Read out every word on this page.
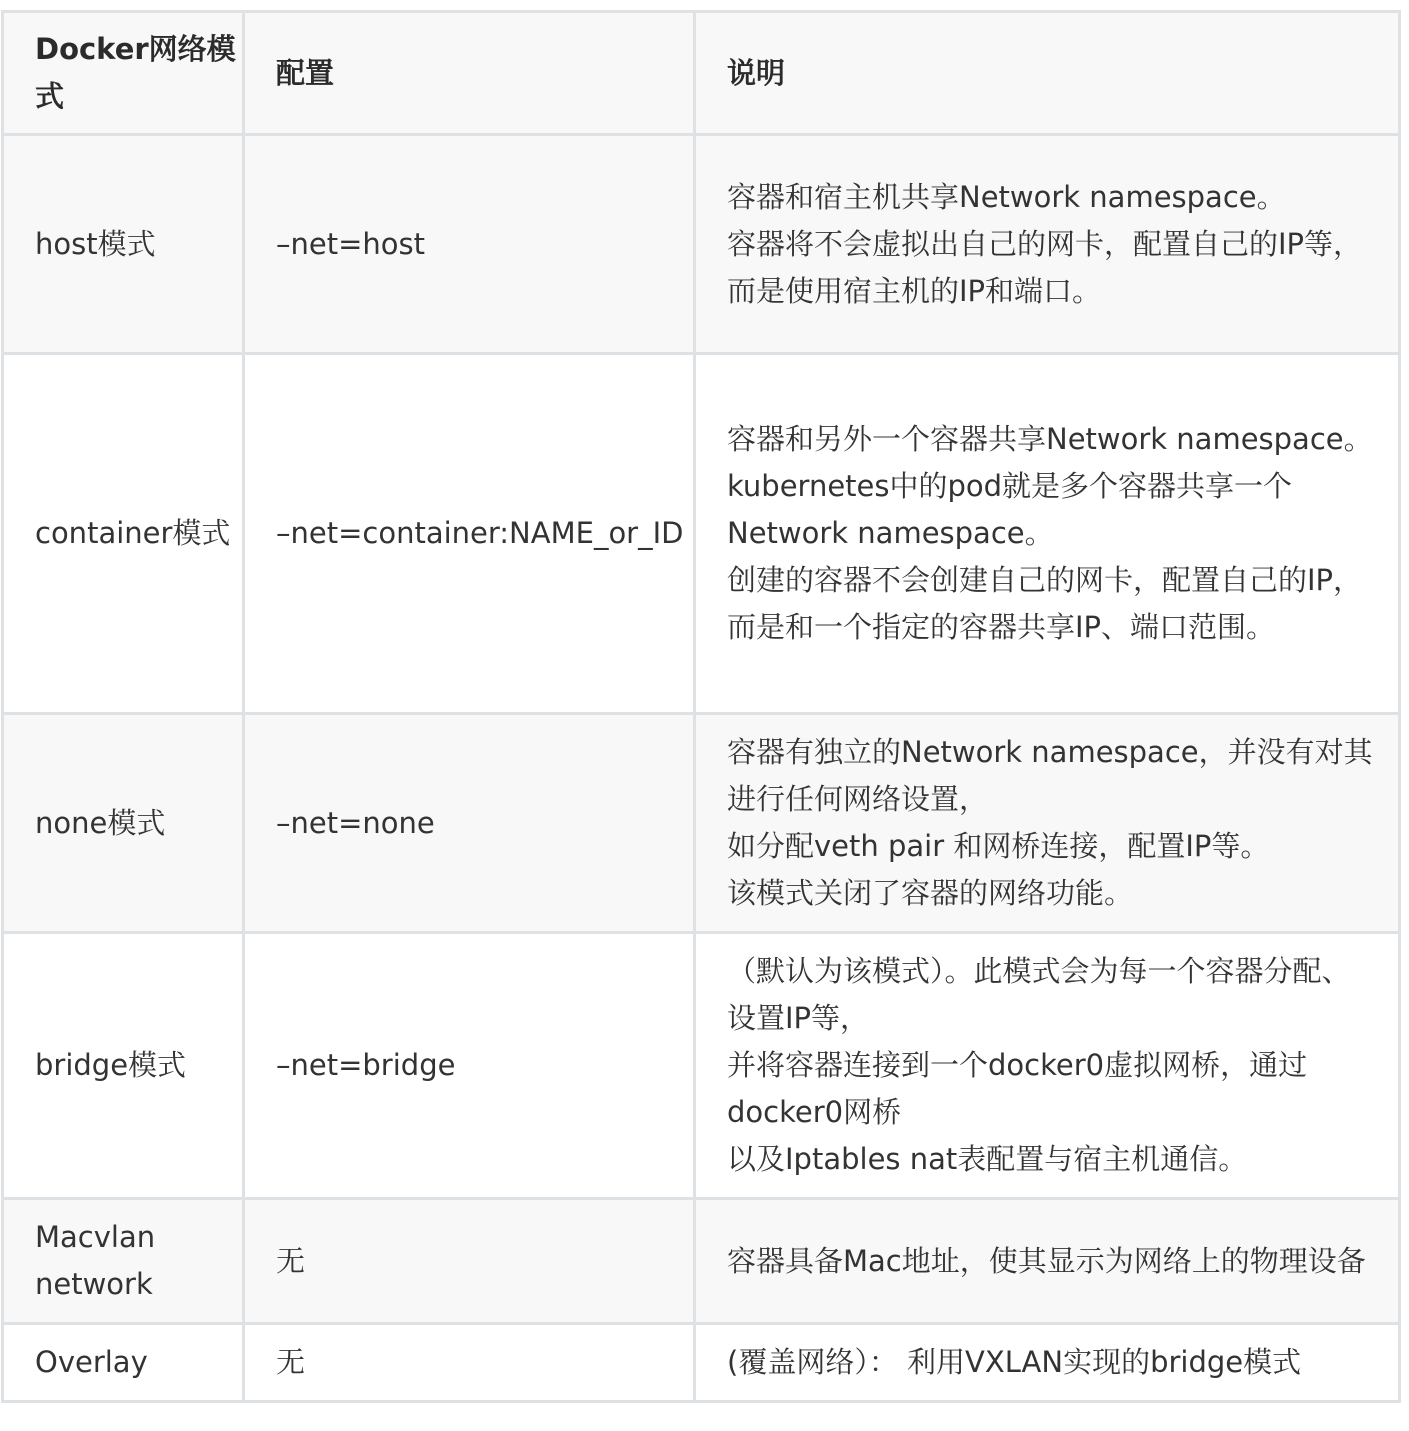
Docker网络模式	配置	说明
host模式	–net=host	容器和宿主机共享Network namespace。
容器将不会虚拟出自己的网卡，配置自己的IP等，
而是使用宿主机的IP和端口。

container模式	–net=container:NAME_or_ID	容器和另外一个容器共享Network namespace。
kubernetes中的pod就是多个容器共享一个Network namespace。
创建的容器不会创建自己的网卡，配置自己的IP，
而是和一个指定的容器共享IP、端口范围。

none模式	–net=none	容器有独立的Network namespace，并没有对其进行任何网络设置，
如分配veth pair 和网桥连接，配置IP等。
该模式关闭了容器的网络功能。

bridge模式	–net=bridge	（默认为该模式）。此模式会为每一个容器分配、设置IP等，
并将容器连接到一个docker0虚拟网桥，通过docker0网桥
以及Iptables nat表配置与宿主机通信。

Macvlan network	无	容器具备Mac地址，使其显示为网络上的物理设备

Overlay	无	(覆盖网络）： 利用VXLAN实现的bridge模式
